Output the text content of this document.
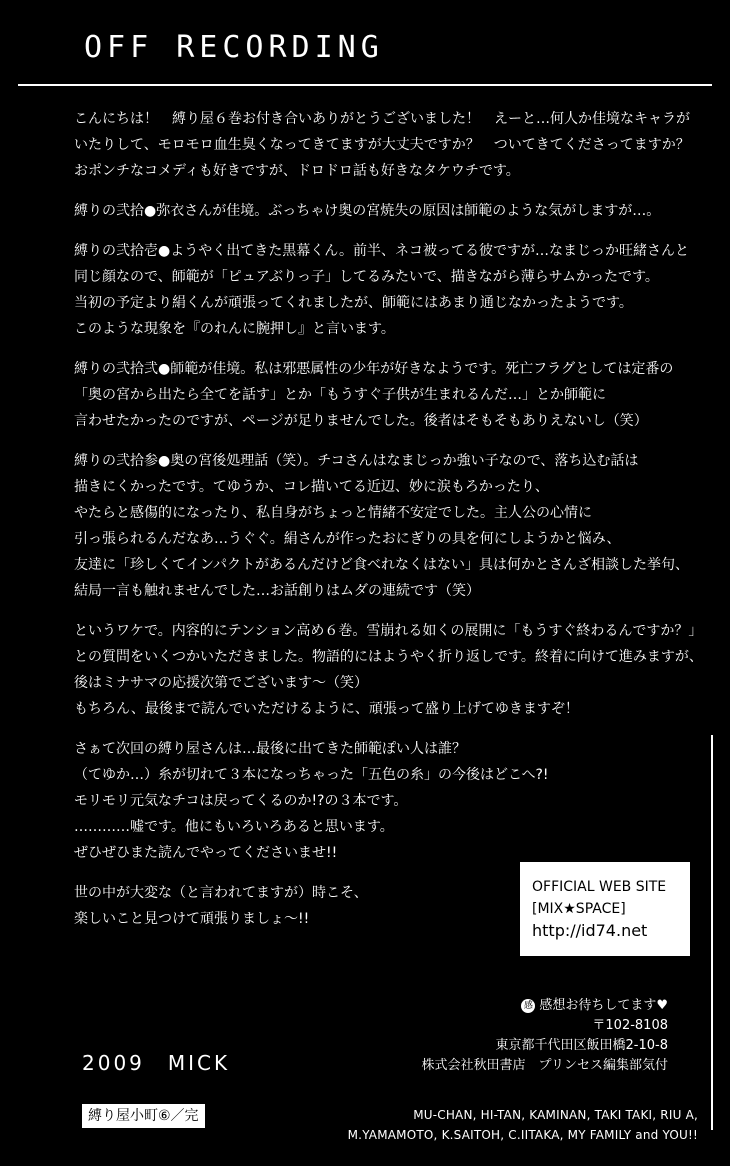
OFF RECORDING
こんにちは！　縛り屋６巻お付き合いありがとうございました！　えーと…何人か佳境なキャラが
いたりして、モロモロ血生臭くなってきてますが大丈夫ですか？　ついてきてくださってますか？
おポンチなコメディも好きですが、ドロドロ話も好きなタケウチです。
縛りの弐拾●弥衣さんが佳境。ぶっちゃけ奥の宮焼失の原因は師範のような気がしますが…。
縛りの弐拾壱●ようやく出てきた黒幕くん。前半、ネコ被ってる彼ですが…なまじっか旺緒さんと
同じ顔なので、師範が「ピュアぶりっ子」してるみたいで、描きながら薄らサムかったです。
当初の予定より絹くんが頑張ってくれましたが、師範にはあまり通じなかったようです。
このような現象を『のれんに腕押し』と言います。
縛りの弐拾弐●師範が佳境。私は邪悪属性の少年が好きなようです。死亡フラグとしては定番の
「奥の宮から出たら全てを話す」とか「もうすぐ子供が生まれるんだ…」とか師範に
言わせたかったのですが、ページが足りませんでした。後者はそもそもありえないし（笑）
縛りの弐拾参●奥の宮後処理話（笑）。チコさんはなまじっか強い子なので、落ち込む話は
描きにくかったです。てゆうか、コレ描いてる近辺、妙に涙もろかったり、
やたらと感傷的になったり、私自身がちょっと情緒不安定でした。主人公の心情に
引っ張られるんだなあ…うぐぐ。絹さんが作ったおにぎりの具を何にしようかと悩み、
友達に「珍しくてインパクトがあるんだけど食べれなくはない」具は何かとさんざ相談した挙句、
結局一言も触れませんでした…お話創りはムダの連続です（笑）
というワケで。内容的にテンション高め６巻。雪崩れる如くの展開に「もうすぐ終わるんですか？」
との質問をいくつかいただきました。物語的にはようやく折り返しです。終着に向けて進みますが、
後はミナサマの応援次第でございます～（笑）
もちろん、最後まで読んでいただけるように、頑張って盛り上げてゆきますぞ！
さぁて次回の縛り屋さんは…最後に出てきた師範ぽい人は誰？
（てゆか…）糸が切れて３本になっちゃった「五色の糸」の今後はどこへ?!
モリモリ元気なチコは戻ってくるのか!?の３本です。
…………嘘です。他にもいろいろあると思います。
ぜひぜひまた読んでやってくださいませ!!
世の中が大変な（と言われてますが）時こそ、
楽しいこと見つけて頑張りましょ～!!
OFFICIAL WEB SITE
[MIX★SPACE]
http://id74.net
感 感想お待ちしてます♥
〒102-8108
東京都千代田区飯田橋2-10-8
株式会社秋田書店　プリンセス編集部気付
2009　MICK
縛り屋小町⑥／完	MU-CHAN, HI-TAN, KAMINAN, TAKI TAKI, RIU A,
M.YAMAMOTO, K.SAITOH, C.IITAKA, MY FAMILY and YOU!!
